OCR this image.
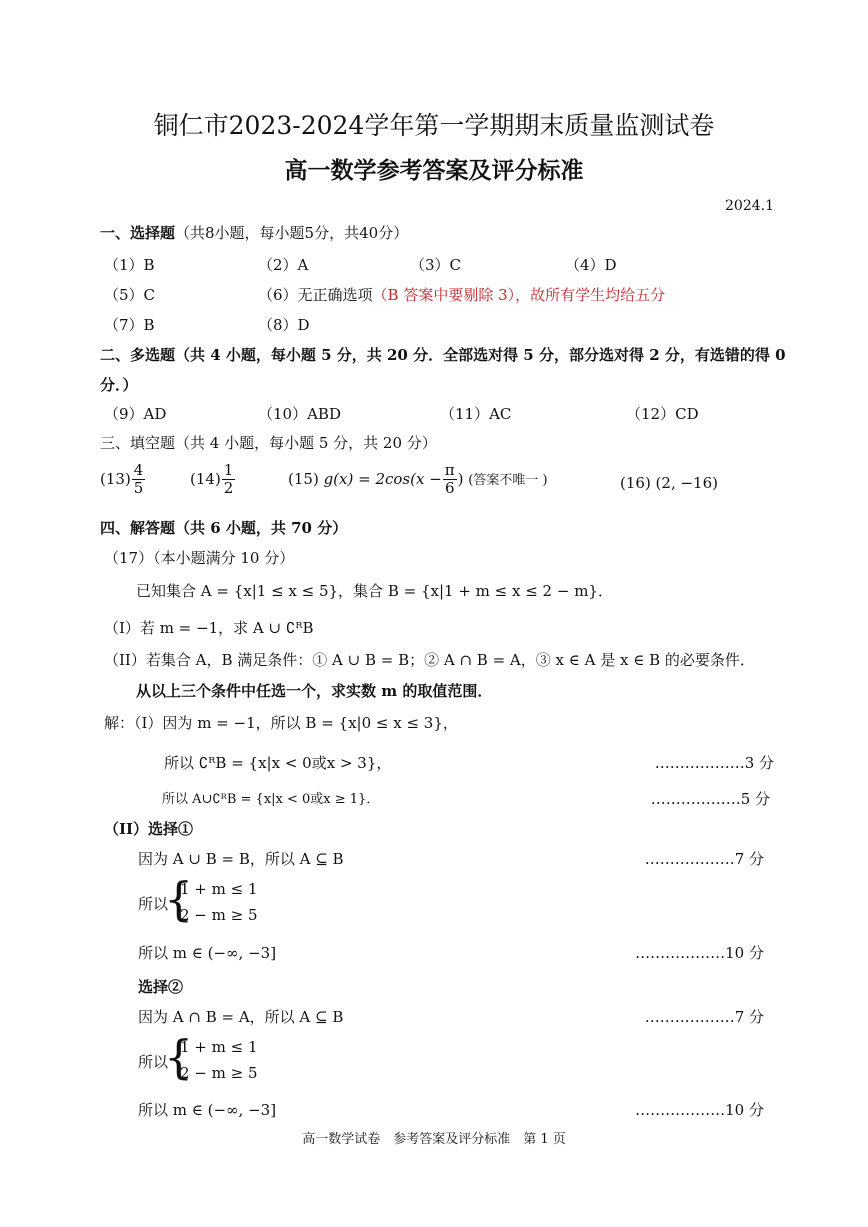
铜仁市2023-2024学年第一学期期末质量监测试卷
高一数学参考答案及评分标准
2024.1
一、选择题（共8小题，每小题5分，共40分）
（1）B	（2）A	（3）C	（4）D
（5）C	（6）无正确选项（B 答案中要剔除 3），故所有学生均给五分
（7）B	（8）D
二、多选题（共 4 小题，每小题 5 分，共 20 分．全部选对得 5 分，部分选对得 2 分，有选错的得 0
分．）
（9）AD	（10）ABD	（11）AC	（12）CD
三、填空题（共 4 小题，每小题 5 分，共 20 分）
$(13) \frac{4}{5}$	$(14) \frac{1}{2}$	(15) $g(x) = 2\cos(x - \frac{\pi}{6}$ ) (答案不唯一 )	(16) (2, −16)
四、解答题（共 6 小题，共 70 分）
（17）（本小题满分 10 分）
已知集合 A = {x|1 ≤ x ≤ 5}，集合 B = {x|1 + m ≤ x ≤ 2 − m}．
（I）若 m = −1，求 A ∪ ∁ᴿB
（II）若集合 A，B 满足条件：① A ∪ B = B；② A ∩ B = A，③ x ∈ A 是 x ∈ B 的必要条件．
从以上三个条件中任选一个，求实数 m 的取值范围．
解：（I）因为 m = −1，所以 B = {x|0 ≤ x ≤ 3}，
所以 ∁ᴿB = {x|x < 0或x > 3}，	………………3 分
所以 A∪∁ᴿB = {x|x < 0或x ≥ 1}．	………………5 分
（II）选择①
因为 A ∪ B = B，所以 A ⊆ B	………………7 分
所以
{
1 + m ≤ 1
2 − m ≥ 5
所以 m ∈ (−∞, −3]	………………10 分
选择②
因为 A ∩ B = A，所以 A ⊆ B	………………7 分
所以
{
1 + m ≤ 1
2 − m ≥ 5
所以 m ∈ (−∞, −3]	………………10 分
高一数学试卷　参考答案及评分标准　第 1 页
